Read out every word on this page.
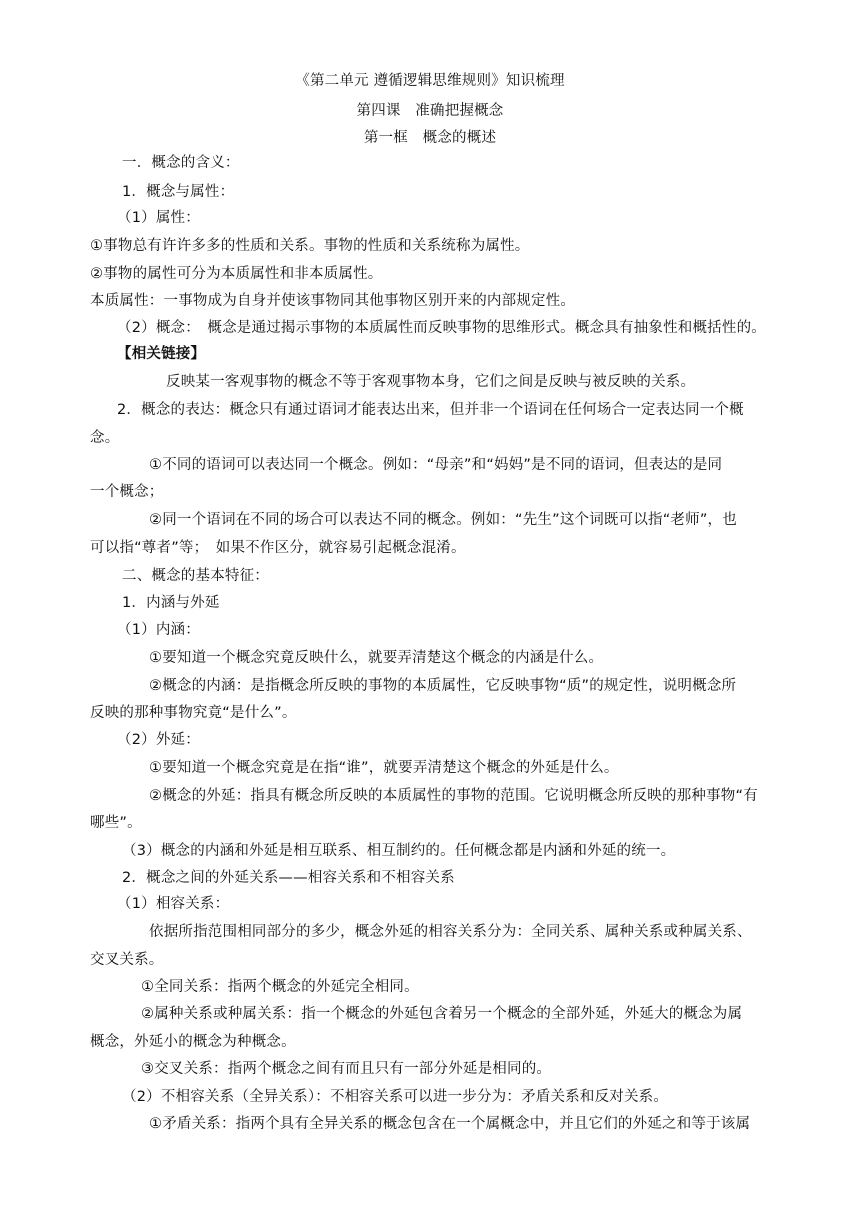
《第二单元 遵循逻辑思维规则》知识梳理
第四课　准确把握概念
第一框　概念的概述
一．概念的含义：
1．概念与属性：
（1）属性：
①事物总有许许多多的性质和关系。事物的性质和关系统称为属性。
②事物的属性可分为本质属性和非本质属性。
本质属性：一事物成为自身并使该事物同其他事物区别开来的内部规定性。
（2）概念：　概念是通过揭示事物的本质属性而反映事物的思维形式。概念具有抽象性和概括性的。
【相关链接】
反映某一客观事物的概念不等于客观事物本身，它们之间是反映与被反映的关系。
2．概念的表达：概念只有通过语词才能表达出来，但并非一个语词在任何场合一定表达同一个概
念。
①不同的语词可以表达同一个概念。例如：“母亲”和“妈妈”是不同的语词，但表达的是同
一个概念；
②同一个语词在不同的场合可以表达不同的概念。例如：“先生”这个词既可以指“老师”，也
可以指“尊者”等；　如果不作区分，就容易引起概念混淆。
二、概念的基本特征：
1．内涵与外延
（1）内涵：
①要知道一个概念究竟反映什么，就要弄清楚这个概念的内涵是什么。
②概念的内涵：是指概念所反映的事物的本质属性，它反映事物“质”的规定性，说明概念所
反映的那种事物究竟“是什么”。
（2）外延：
①要知道一个概念究竟是在指“谁”，就要弄清楚这个概念的外延是什么。
②概念的外延：指具有概念所反映的本质属性的事物的范围。它说明概念所反映的那种事物“有
哪些”。
（3）概念的内涵和外延是相互联系、相互制约的。任何概念都是内涵和外延的统一。
2．概念之间的外延关系——相容关系和不相容关系
（1）相容关系：
依据所指范围相同部分的多少，概念外延的相容关系分为：全同关系、属种关系或种属关系、
交叉关系。
①全同关系：指两个概念的外延完全相同。
②属种关系或种属关系：指一个概念的外延包含着另一个概念的全部外延，外延大的概念为属
概念，外延小的概念为种概念。
③交叉关系：指两个概念之间有而且只有一部分外延是相同的。
（2）不相容关系（全异关系）：不相容关系可以进一步分为：矛盾关系和反对关系。
①矛盾关系：指两个具有全异关系的概念包含在一个属概念中，并且它们的外延之和等于该属
